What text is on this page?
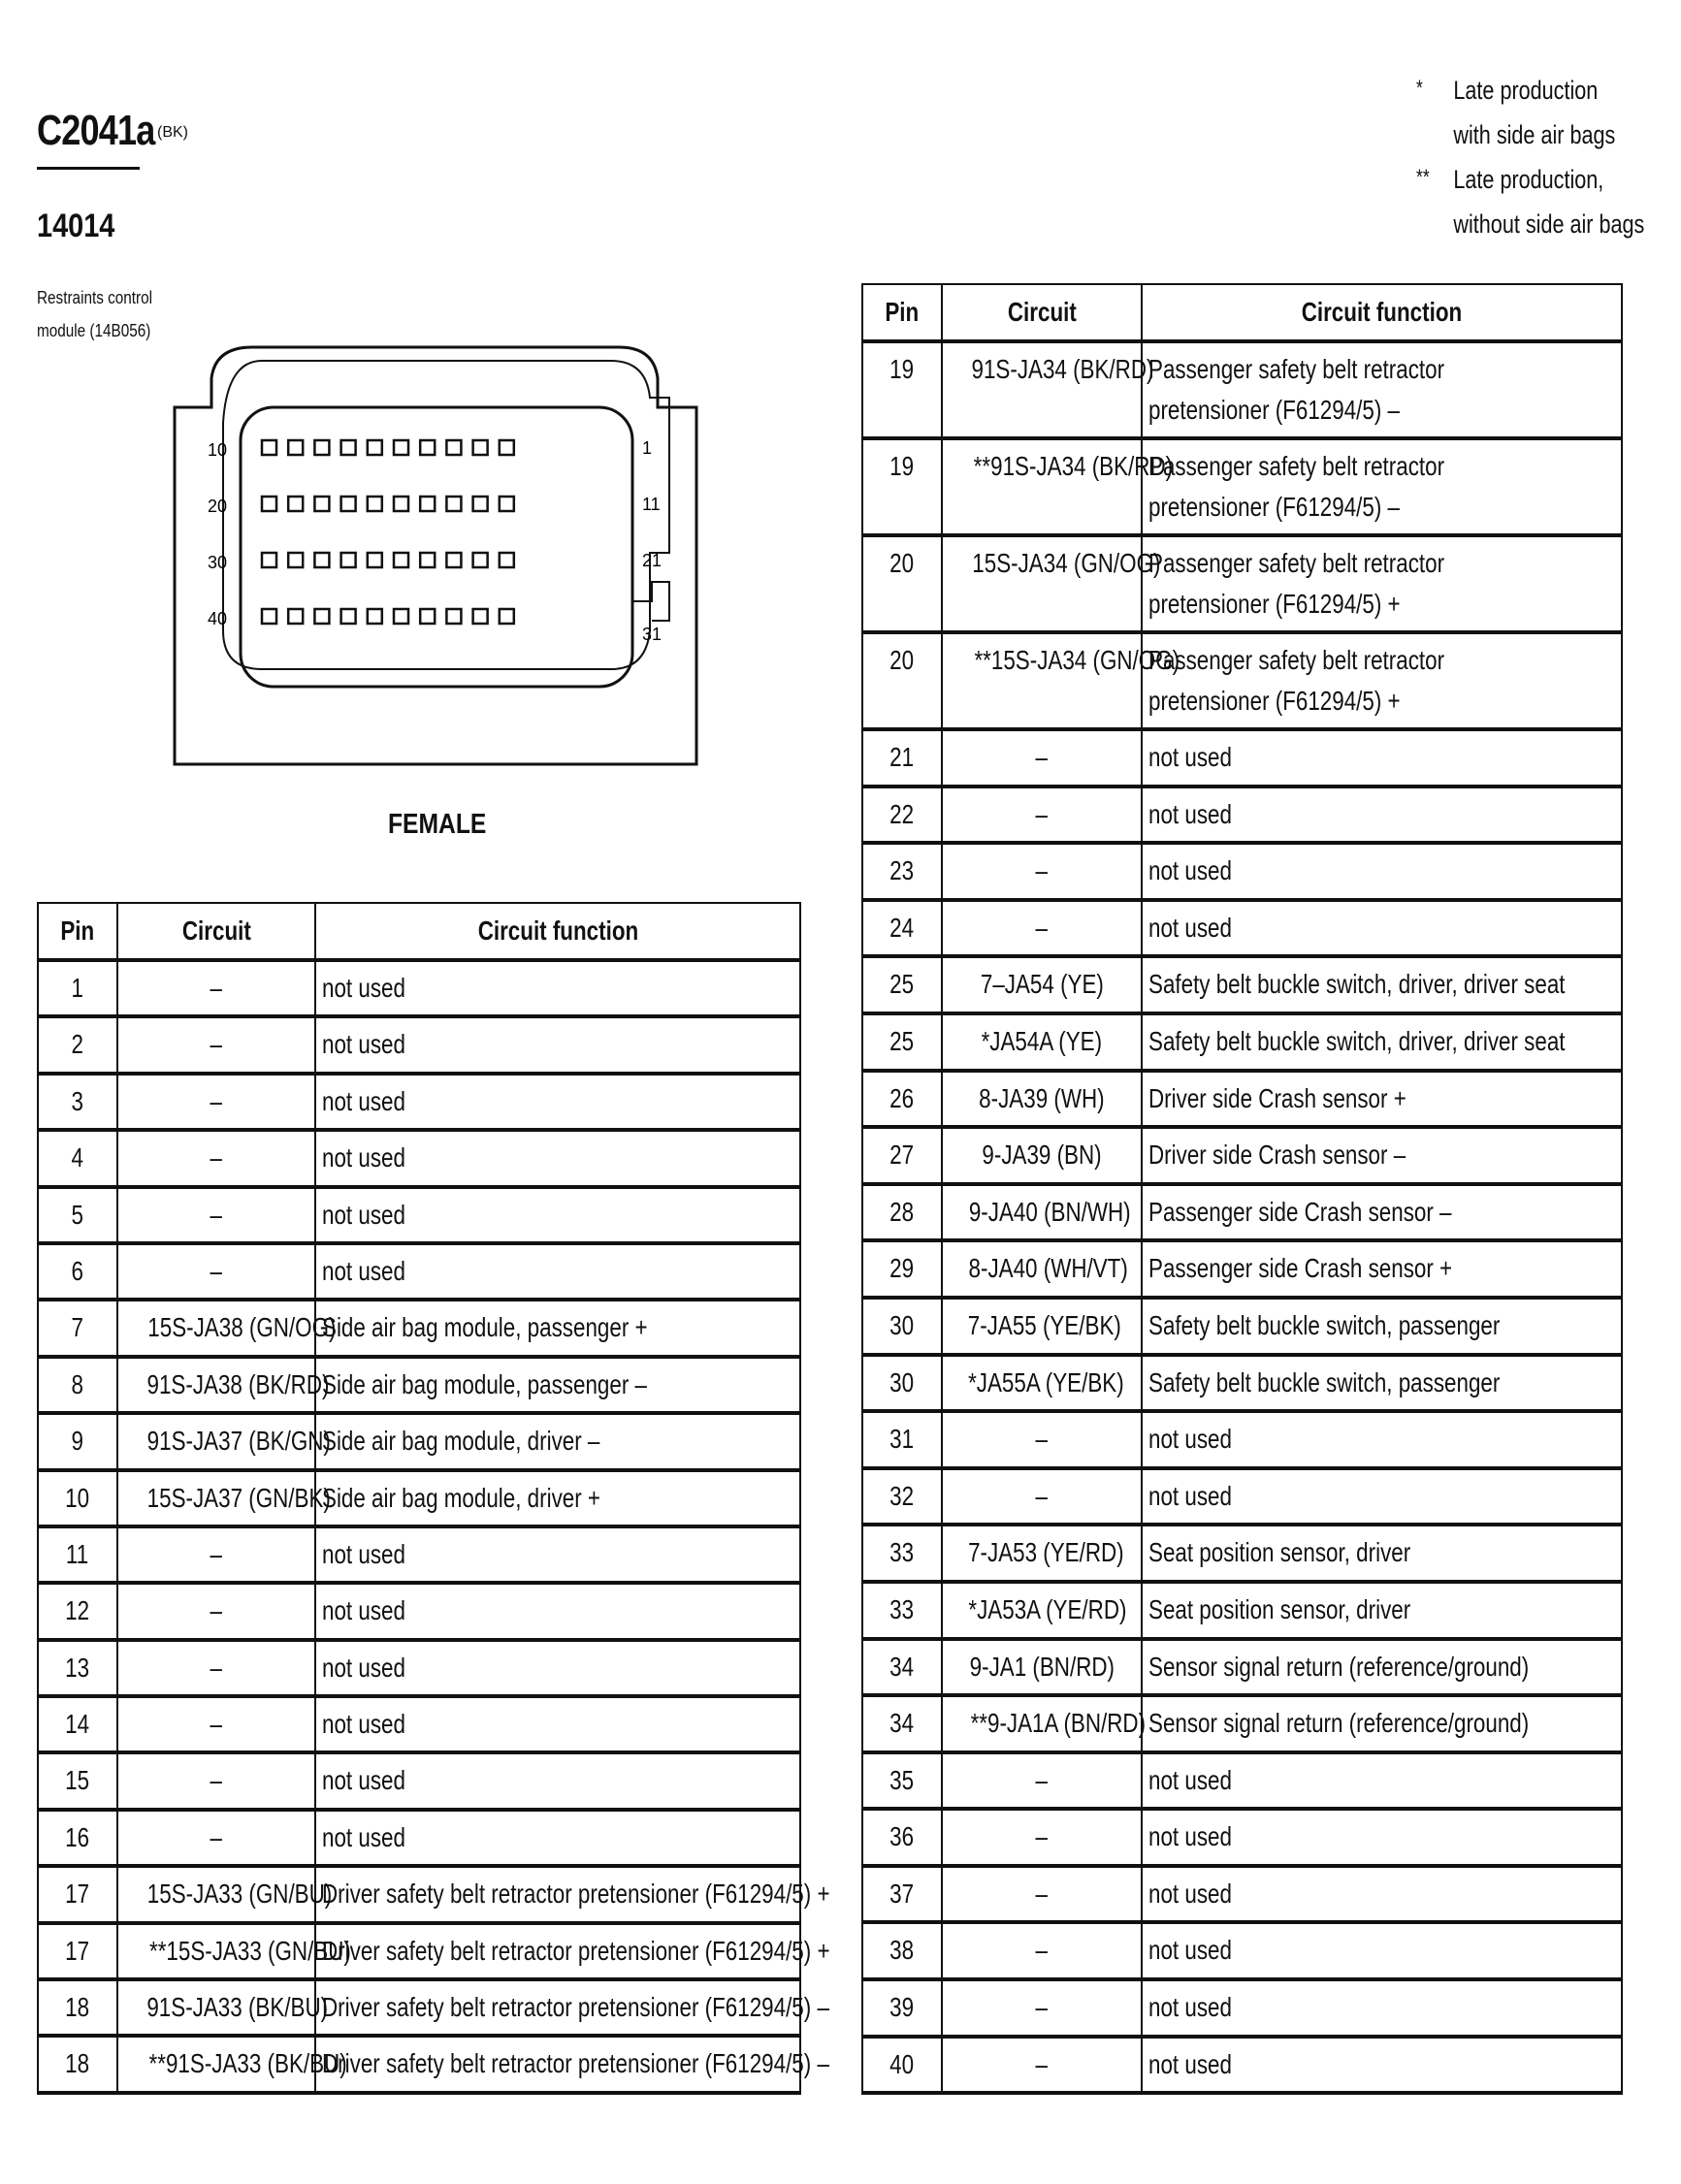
C2041a (BK)
14014
Restraints control module (14B056)
* Late production
with side air bags
** Late production,
without side air bags
10
20
30
40
1
11
21
31
FEMALE
Pin	Circuit	Circuit function
1	–	not used
2	–	not used
3	–	not used
4	–	not used
5	–	not used
6	–	not used
7	15S-JA38 (GN/OG)	Side air bag module, passenger +
8	91S-JA38 (BK/RD)	Side air bag module, passenger –
9	91S-JA37 (BK/GN)	Side air bag module, driver –
10	15S-JA37 (GN/BK)	Side air bag module, driver +
11	–	not used
12	–	not used
13	–	not used
14	–	not used
15	–	not used
16	–	not used
17	15S-JA33 (GN/BU)	Driver safety belt retractor pretensioner (F61294/5) +
17	**15S-JA33 (GN/BU)	Driver safety belt retractor pretensioner (F61294/5) +
18	91S-JA33 (BK/BU)	Driver safety belt retractor pretensioner (F61294/5) –
18	**91S-JA33 (BK/BU)	Driver safety belt retractor pretensioner (F61294/5) –
Pin	Circuit	Circuit function
19	91S-JA34 (BK/RD)	Passenger safety belt retractor pretensioner (F61294/5) –
19	**91S-JA34 (BK/RD)	Passenger safety belt retractor pretensioner (F61294/5) –
20	15S-JA34 (GN/OG)	Passenger safety belt retractor pretensioner (F61294/5) +
20	**15S-JA34 (GN/OG)	Passenger safety belt retractor pretensioner (F61294/5) +
21	–	not used
22	–	not used
23	–	not used
24	–	not used
25	7–JA54 (YE)	Safety belt buckle switch, driver, driver seat
25	*JA54A (YE)	Safety belt buckle switch, driver, driver seat
26	8-JA39 (WH)	Driver side Crash sensor +
27	9-JA39 (BN)	Driver side Crash sensor –
28	9-JA40 (BN/WH)	Passenger side Crash sensor –
29	8-JA40 (WH/VT)	Passenger side Crash sensor +
30	7-JA55 (YE/BK)	Safety belt buckle switch, passenger
30	*JA55A (YE/BK)	Safety belt buckle switch, passenger
31	–	not used
32	–	not used
33	7-JA53 (YE/RD)	Seat position sensor, driver
33	*JA53A (YE/RD)	Seat position sensor, driver
34	9-JA1 (BN/RD)	Sensor signal return (reference/ground)
34	**9-JA1A (BN/RD)	Sensor signal return (reference/ground)
35	–	not used
36	–	not used
37	–	not used
38	–	not used
39	–	not used
40	–	not used
